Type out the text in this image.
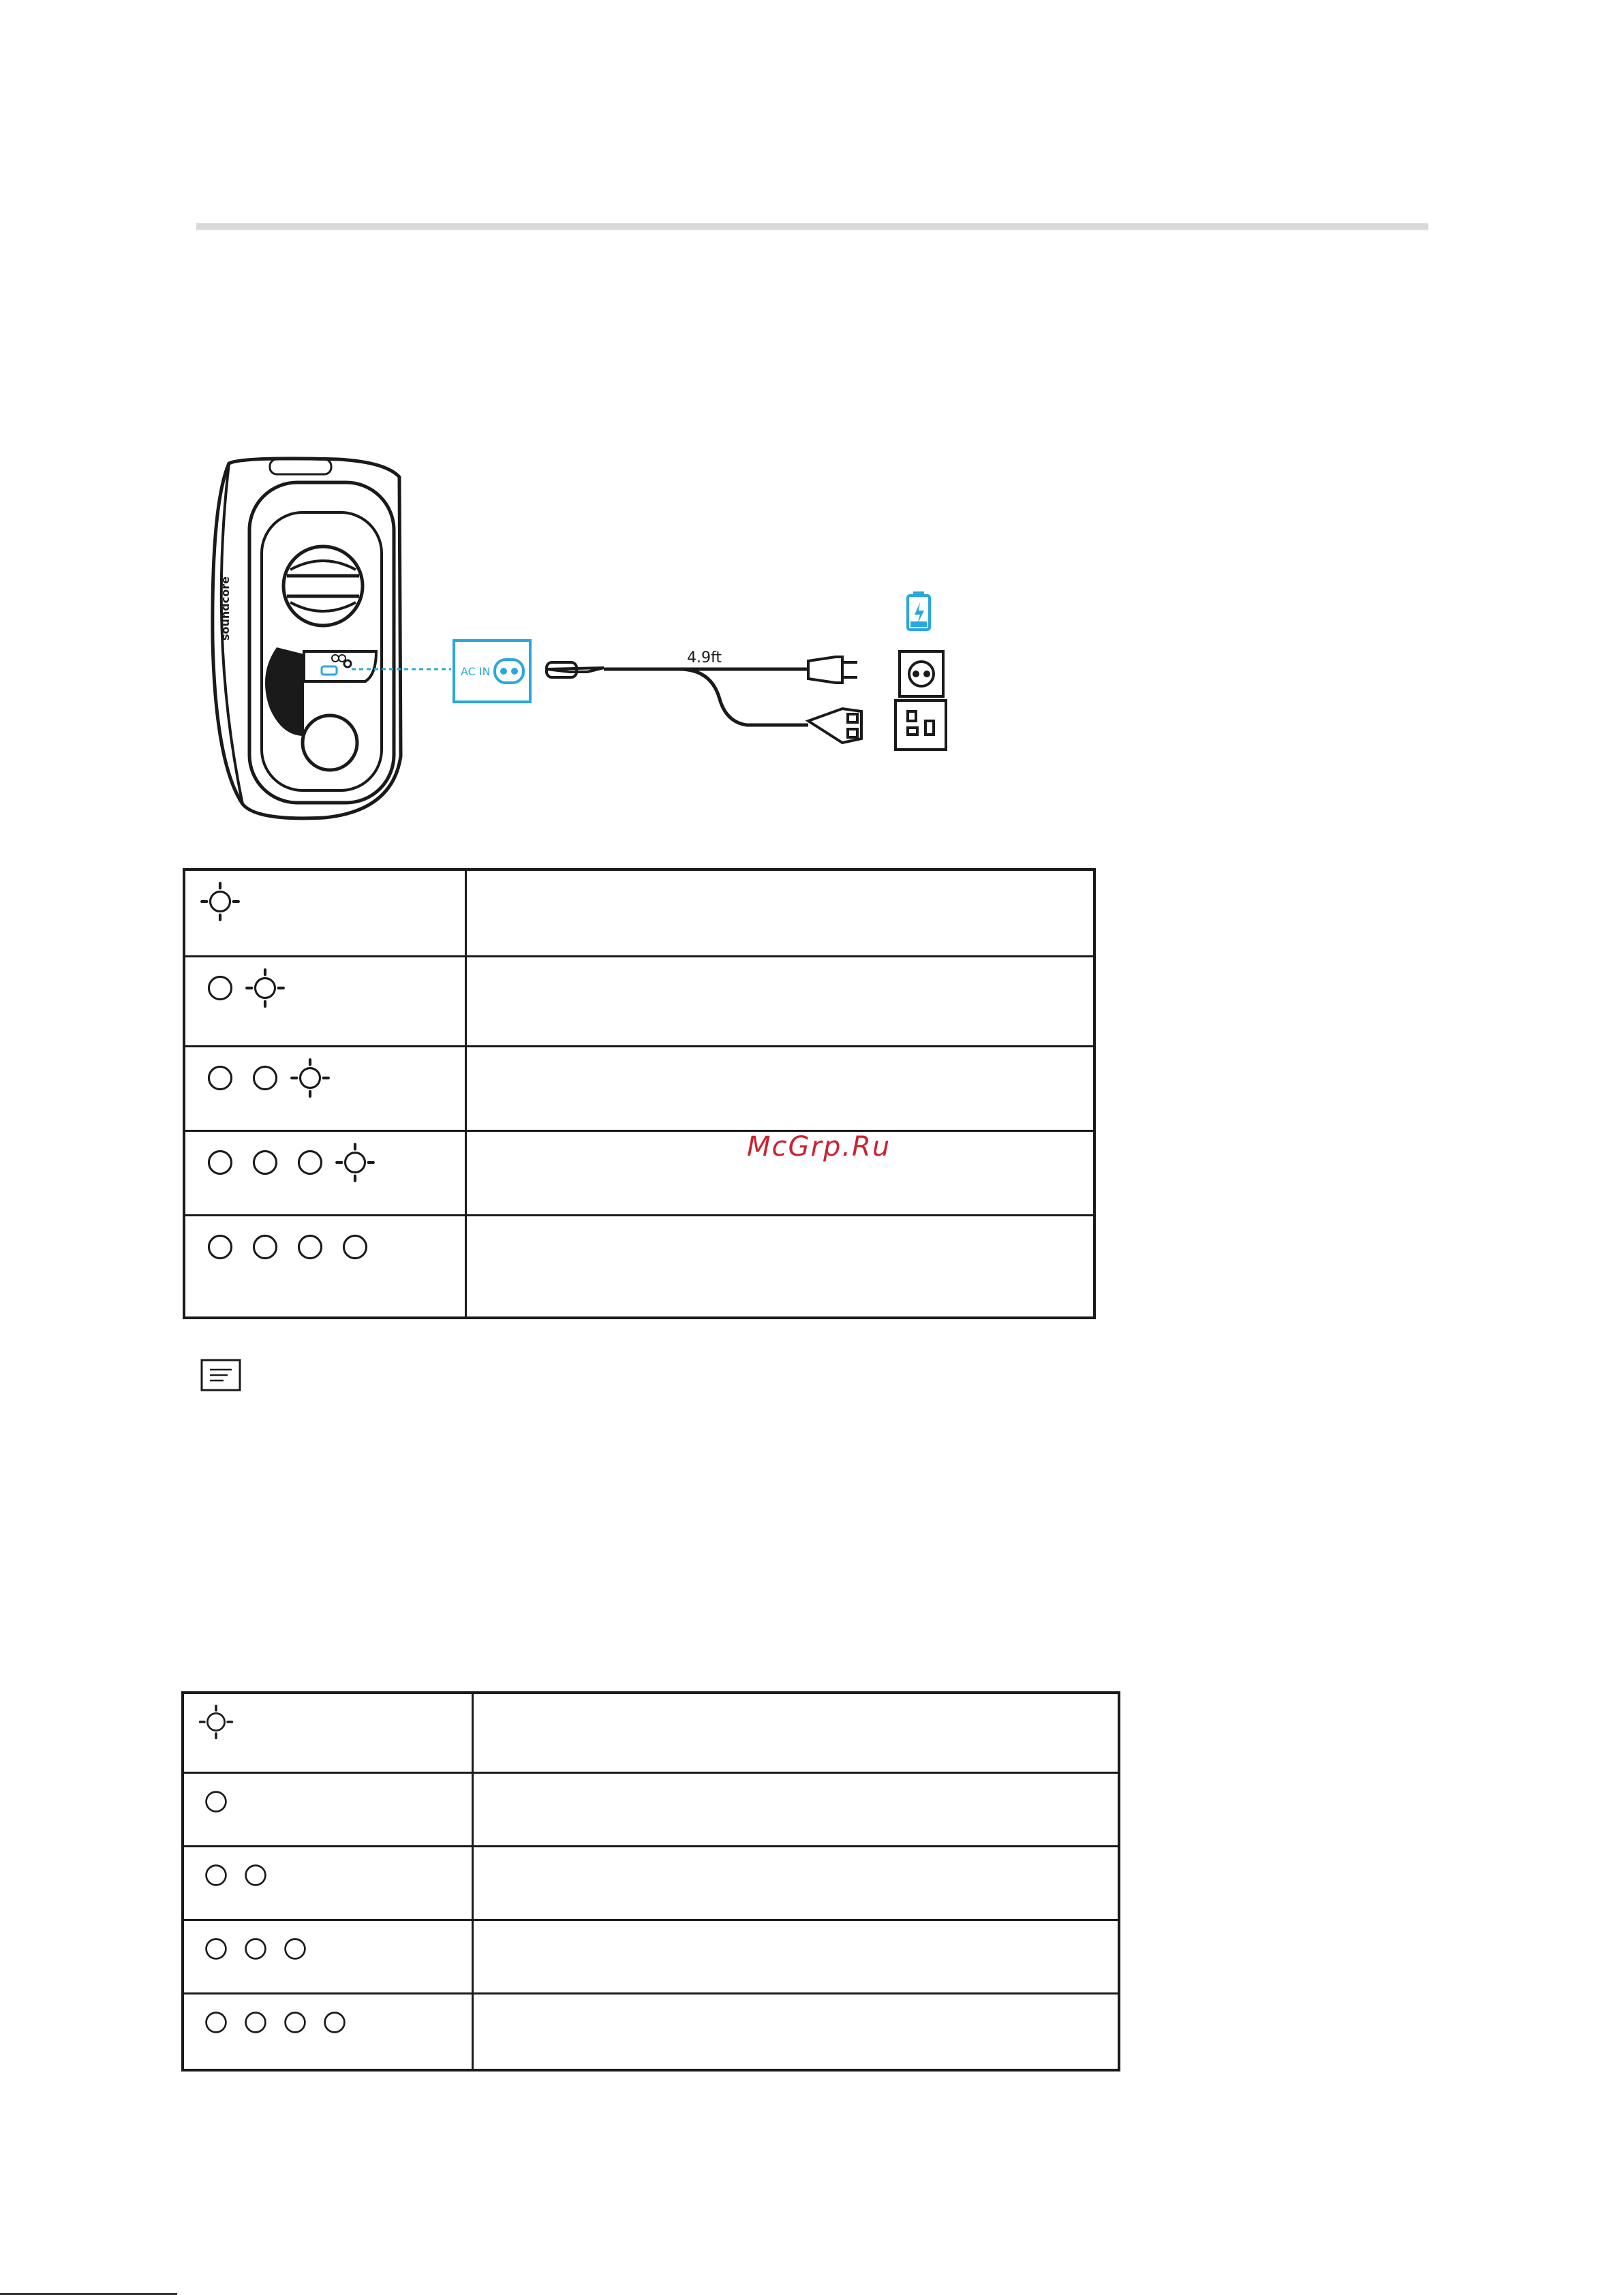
soundcore
AC IN
4.9ft
McGrp.Ru
